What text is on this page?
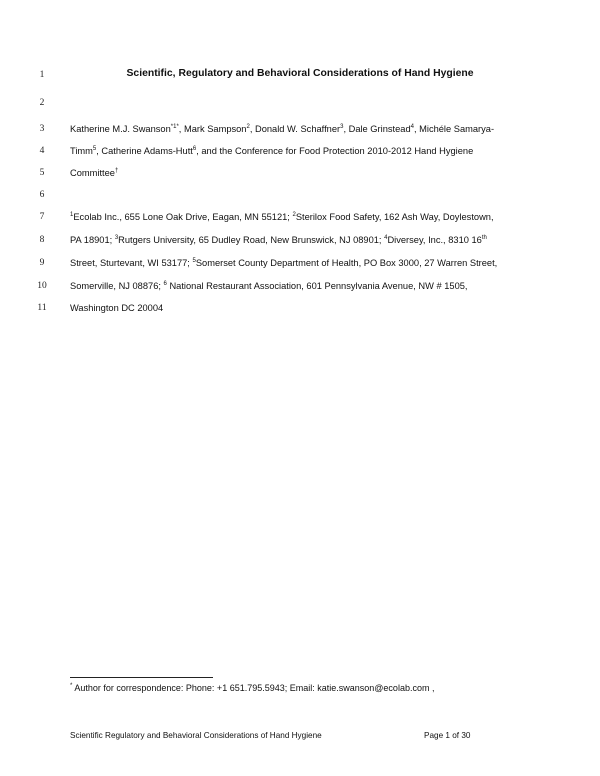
1
2
3
4
5
6
7
8
9
10
11
Scientific, Regulatory and Behavioral Considerations of Hand Hygiene
Katherine M.J. Swanson$^{*1*}$, Mark Sampson$^2$, Donald W. Schaffner$^3$, Dale Grinstead$^4$, Michéle Samarya-
Timm$^5$, Catherine Adams-Hutt$^6$, and the Conference for Food Protection 2010-2012 Hand Hygiene
Committee†
$^1$Ecolab Inc., 655 Lone Oak Drive, Eagan, MN 55121; $^2$Sterilox Food Safety, 162 Ash Way, Doylestown,
PA 18901; $^3$Rutgers University, 65 Dudley Road, New Brunswick, NJ 08901; $^4$Diversey, Inc., 8310 16th
Street, Sturtevant, WI 53177; $^5$Somerset County Department of Health, PO Box 3000, 27 Warren Street,
Somerville, NJ 08876; $^6$ National Restaurant Association, 601 Pennsylvania Avenue, NW # 1505,
Washington DC 20004
* Author for correspondence: Phone: +1 651.795.5943; Email: katie.swanson@ecolab.com ,
Scientific Regulatory and Behavioral Considerations of Hand Hygiene	Page 1 of 30
